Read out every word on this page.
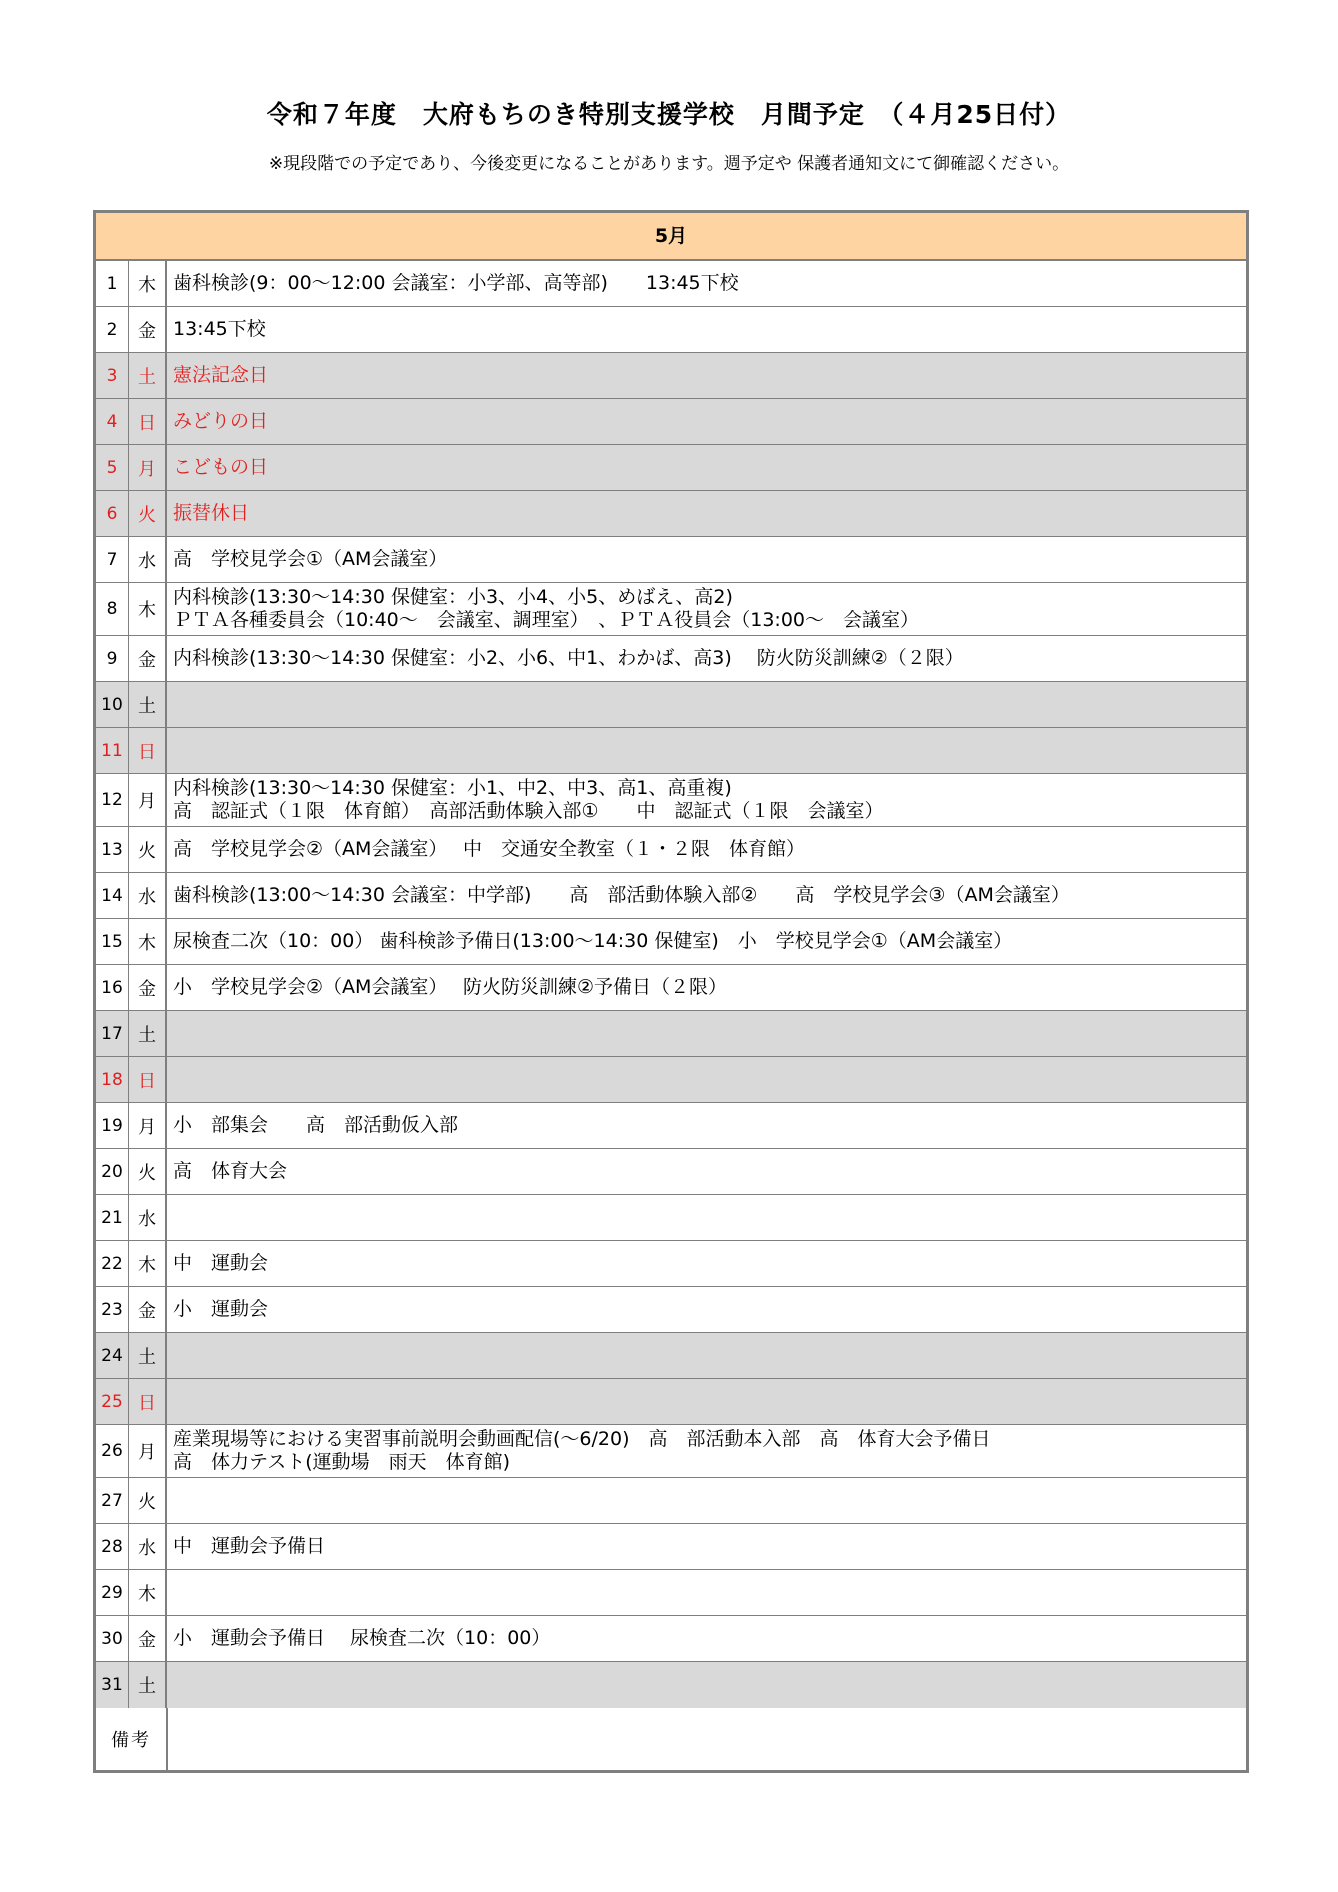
令和７年度　大府もちのき特別支援学校　月間予定　（４月25日付）
※現段階での予定であり、今後変更になることがあります。週予定や 保護者通知文にて御確認ください。
5月
1	木 歯科検診(9：00～12:00 会議室：小学部、高等部)　　13:45下校
2	金 13:45下校
3	土 憲法記念日
4	日 みどりの日
5	月 こどもの日
6	火 振替休日
7	水 高　学校見学会①（AM会議室）
8	木
内科検診(13:30～14:30 保健室：小3、小4、小5、めばえ、高2)
ＰＴＡ各種委員会（10:40～　会議室、調理室）　、ＰＴＡ役員会（13:00～　会議室）
9	金 内科検診(13:30～14:30 保健室：小2、小6、中1、わかば、高3)　 防火防災訓練②（２限）
10 土
11 日
12 月
内科検診(13:30～14:30 保健室：小1、中2、中3、高1、高重複)
高　認証式（１限　体育館）　高部活動体験入部①　　中　認証式（１限　会議室）
13 火 高　学校見学会②（AM会議室）　 中　交通安全教室（１・２限　体育館）
14 水 歯科検診(13:00～14:30 会議室：中学部)　　高　部活動体験入部②　　高　学校見学会③（AM会議室）
15 木 尿検査二次（10：00） 歯科検診予備日(13:00～14:30 保健室)　小　学校見学会①（AM会議室）
16 金 小　学校見学会②（AM会議室）　 防火防災訓練②予備日（２限）
17 土
18 日
19 月 小　部集会　　高　部活動仮入部
20 火 高　体育大会
21 水
22 木 中　運動会
23 金 小　運動会
24 土
25 日
26 月
産業現場等における実習事前説明会動画配信(～6/20)　高　部活動本入部　高　体育大会予備日
高　体力テスト(運動場　雨天　体育館)
27 火
28 水 中　運動会予備日
29 木
30 金 小　運動会予備日　 尿検査二次（10：00）
31 土
備考
